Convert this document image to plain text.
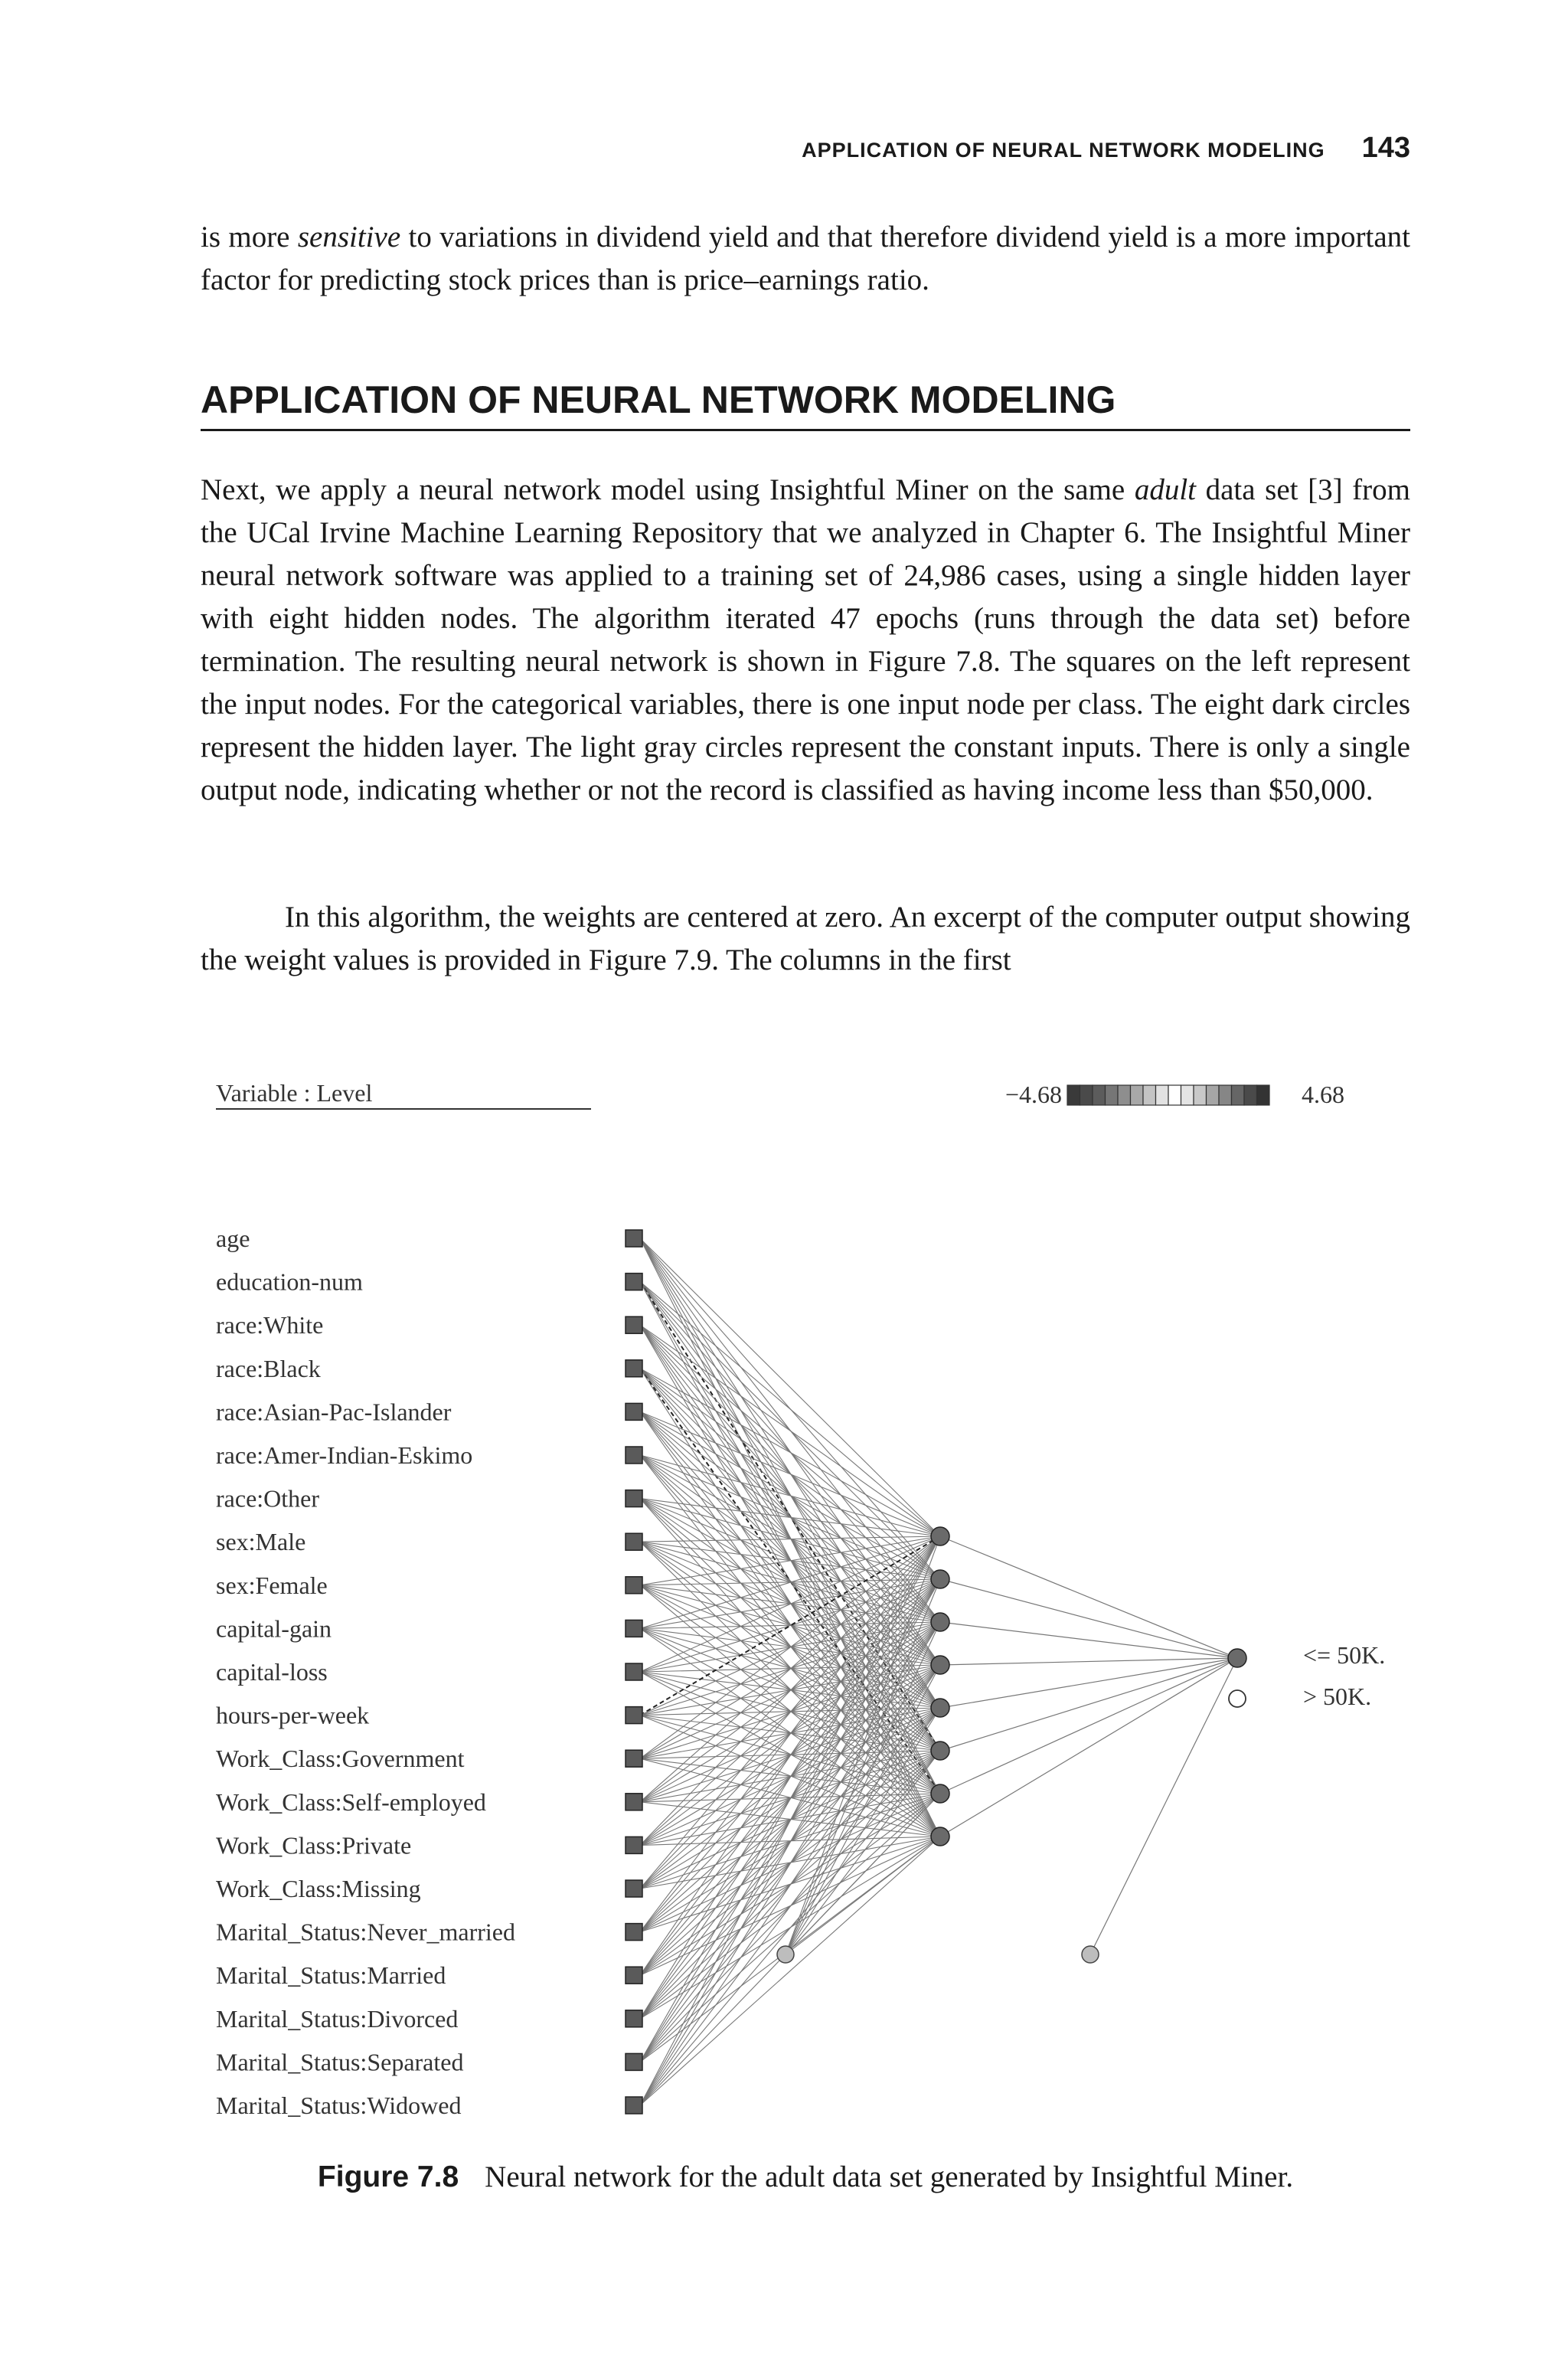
APPLICATION OF NEURAL NETWORK MODELING 143

is more sensitive to variations in dividend yield and that therefore dividend yield is a more important factor for predicting stock prices than is price–earnings ratio.

APPLICATION OF NEURAL NETWORK MODELING

Next, we apply a neural network model using Insightful Miner on the same adult data set [3] from the UCal Irvine Machine Learning Repository that we analyzed in Chapter 6. The Insightful Miner neural network software was applied to a training set of 24,986 cases, using a single hidden layer with eight hidden nodes. The algorithm iterated 47 epochs (runs through the data set) before termination. The resulting neural network is shown in Figure 7.8. The squares on the left represent the input nodes. For the categorical variables, there is one input node per class. The eight dark circles represent the hidden layer. The light gray circles represent the constant inputs. There is only a single output node, indicating whether or not the record is classified as having income less than $50,000.

In this algorithm, the weights are centered at zero. An excerpt of the computer output showing the weight values is provided in Figure 7.9. The columns in the first

Variable : Level	−4.68	4.68
age
education-num
race:White
race:Black
race:Asian-Pac-Islander
race:Amer-Indian-Eskimo
race:Other
sex:Male
sex:Female
capital-gain
capital-loss
hours-per-week
Work_Class:Government
Work_Class:Self-employed
Work_Class:Private
Work_Class:Missing
Marital_Status:Never_married
Marital_Status:Married
Marital_Status:Divorced
Marital_Status:Separated
Marital_Status:Widowed
<= 50K.
> 50K.
Figure 7.8 Neural network for the adult data set generated by Insightful Miner.
